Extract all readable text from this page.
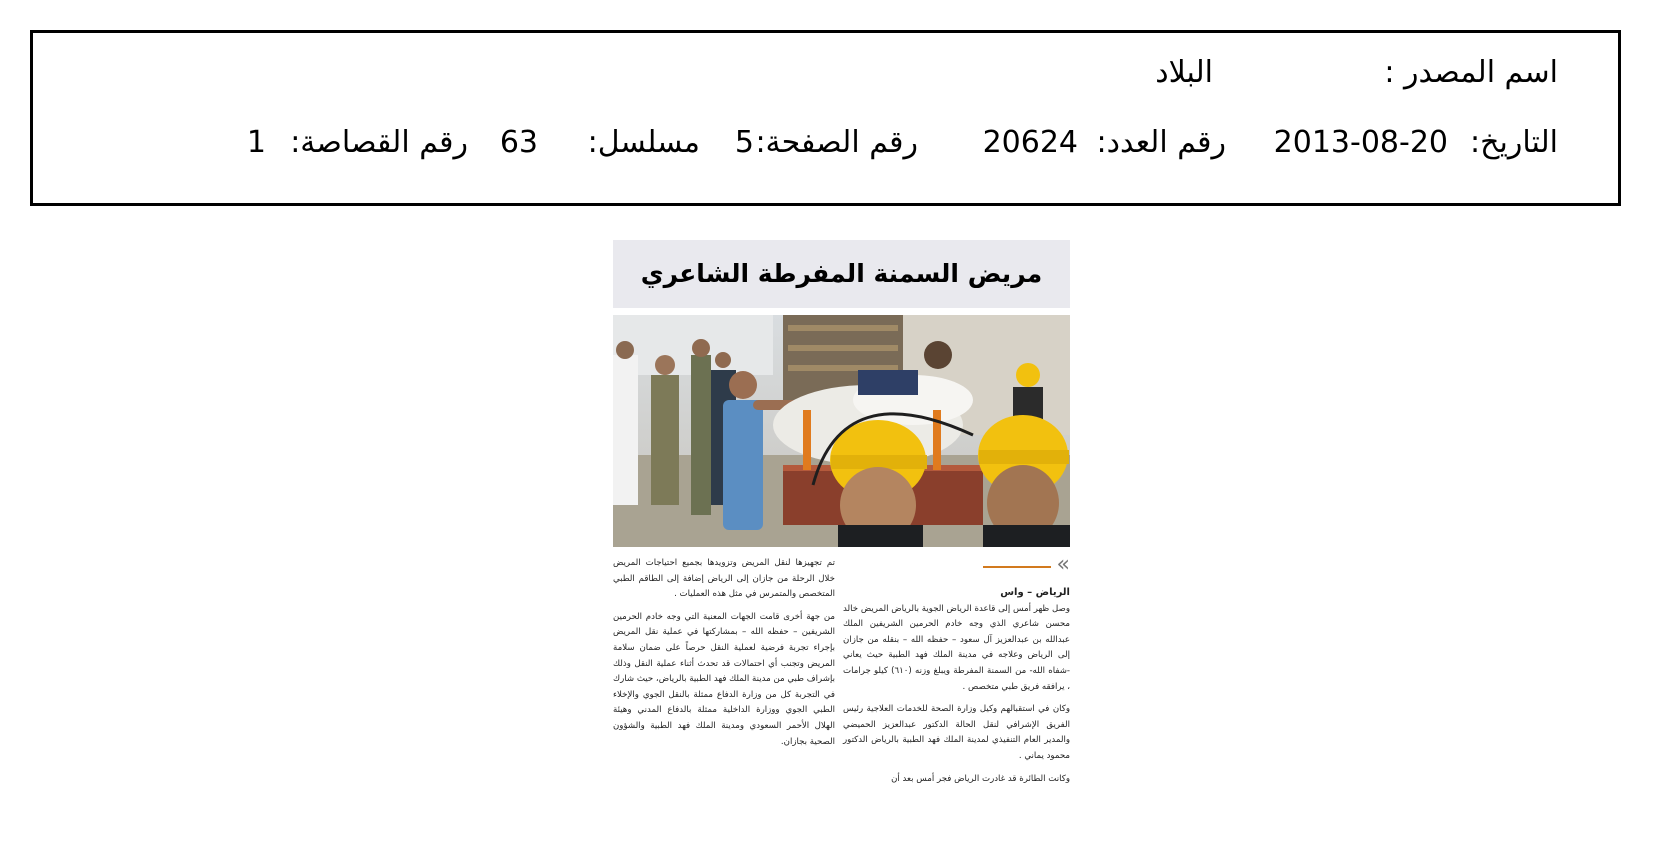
اسم المصدر :
البلاد
التاريخ:
2013-08-20
رقم العدد:
20624
رقم الصفحة:
5
مسلسل:
63
رقم القصاصة:
1
مريض السمنة المفرطة الشاعري
«
الرياض – واس

وصل ظهر أمس إلى قاعدة الرياض الجوية بالرياض المريض خالد محسن شاعري الذي وجه خادم الحرمين الشريفين الملك عبدالله بن عبدالعزيز آل سعود – حفظه الله – بنقله من جازان إلى الرياض وعلاجه في مدينة الملك فهد الطبية حيث يعاني -شفاه الله- من السمنة المفرطة ويبلغ وزنه (٦١٠) كيلو جرامات ، يرافقه فريق طبي متخصص .

وكان في استقبالهم وكيل وزارة الصحة للخدمات العلاجية رئيس الفريق الإشرافي لنقل الحالة الدكتور عبدالعزيز الحميضي والمدير العام التنفيذي لمدينة الملك فهد الطبية بالرياض الدكتور محمود يماني .

وكانت الطائرة قد غادرت الرياض فجر أمس بعد أن

تم تجهيزها لنقل المريض وتزويدها بجميع احتياجات المريض خلال الرحلة من جازان إلى الرياض إضافة إلى الطاقم الطبي المتخصص والمتمرس في مثل هذه العمليات .

من جهة أخرى قامت الجهات المعنية التي وجه خادم الحرمين الشريفين – حفظه الله – بمشاركتها في عملية نقل المريض بإجراء تجربة فرضية لعملية النقل حرصاً على ضمان سلامة المريض وتجنب أي احتمالات قد تحدث أثناء عملية النقل وذلك بإشراف طبي من مدينة الملك فهد الطبية بالرياض، حيث شارك في التجربة كل من وزارة الدفاع ممثلة بالنقل الجوي والإخلاء الطبي الجوي ووزارة الداخلية ممثلة بالدفاع المدني وهيئة الهلال الأحمر السعودي ومدينة الملك فهد الطبية والشؤون الصحية بجازان.
